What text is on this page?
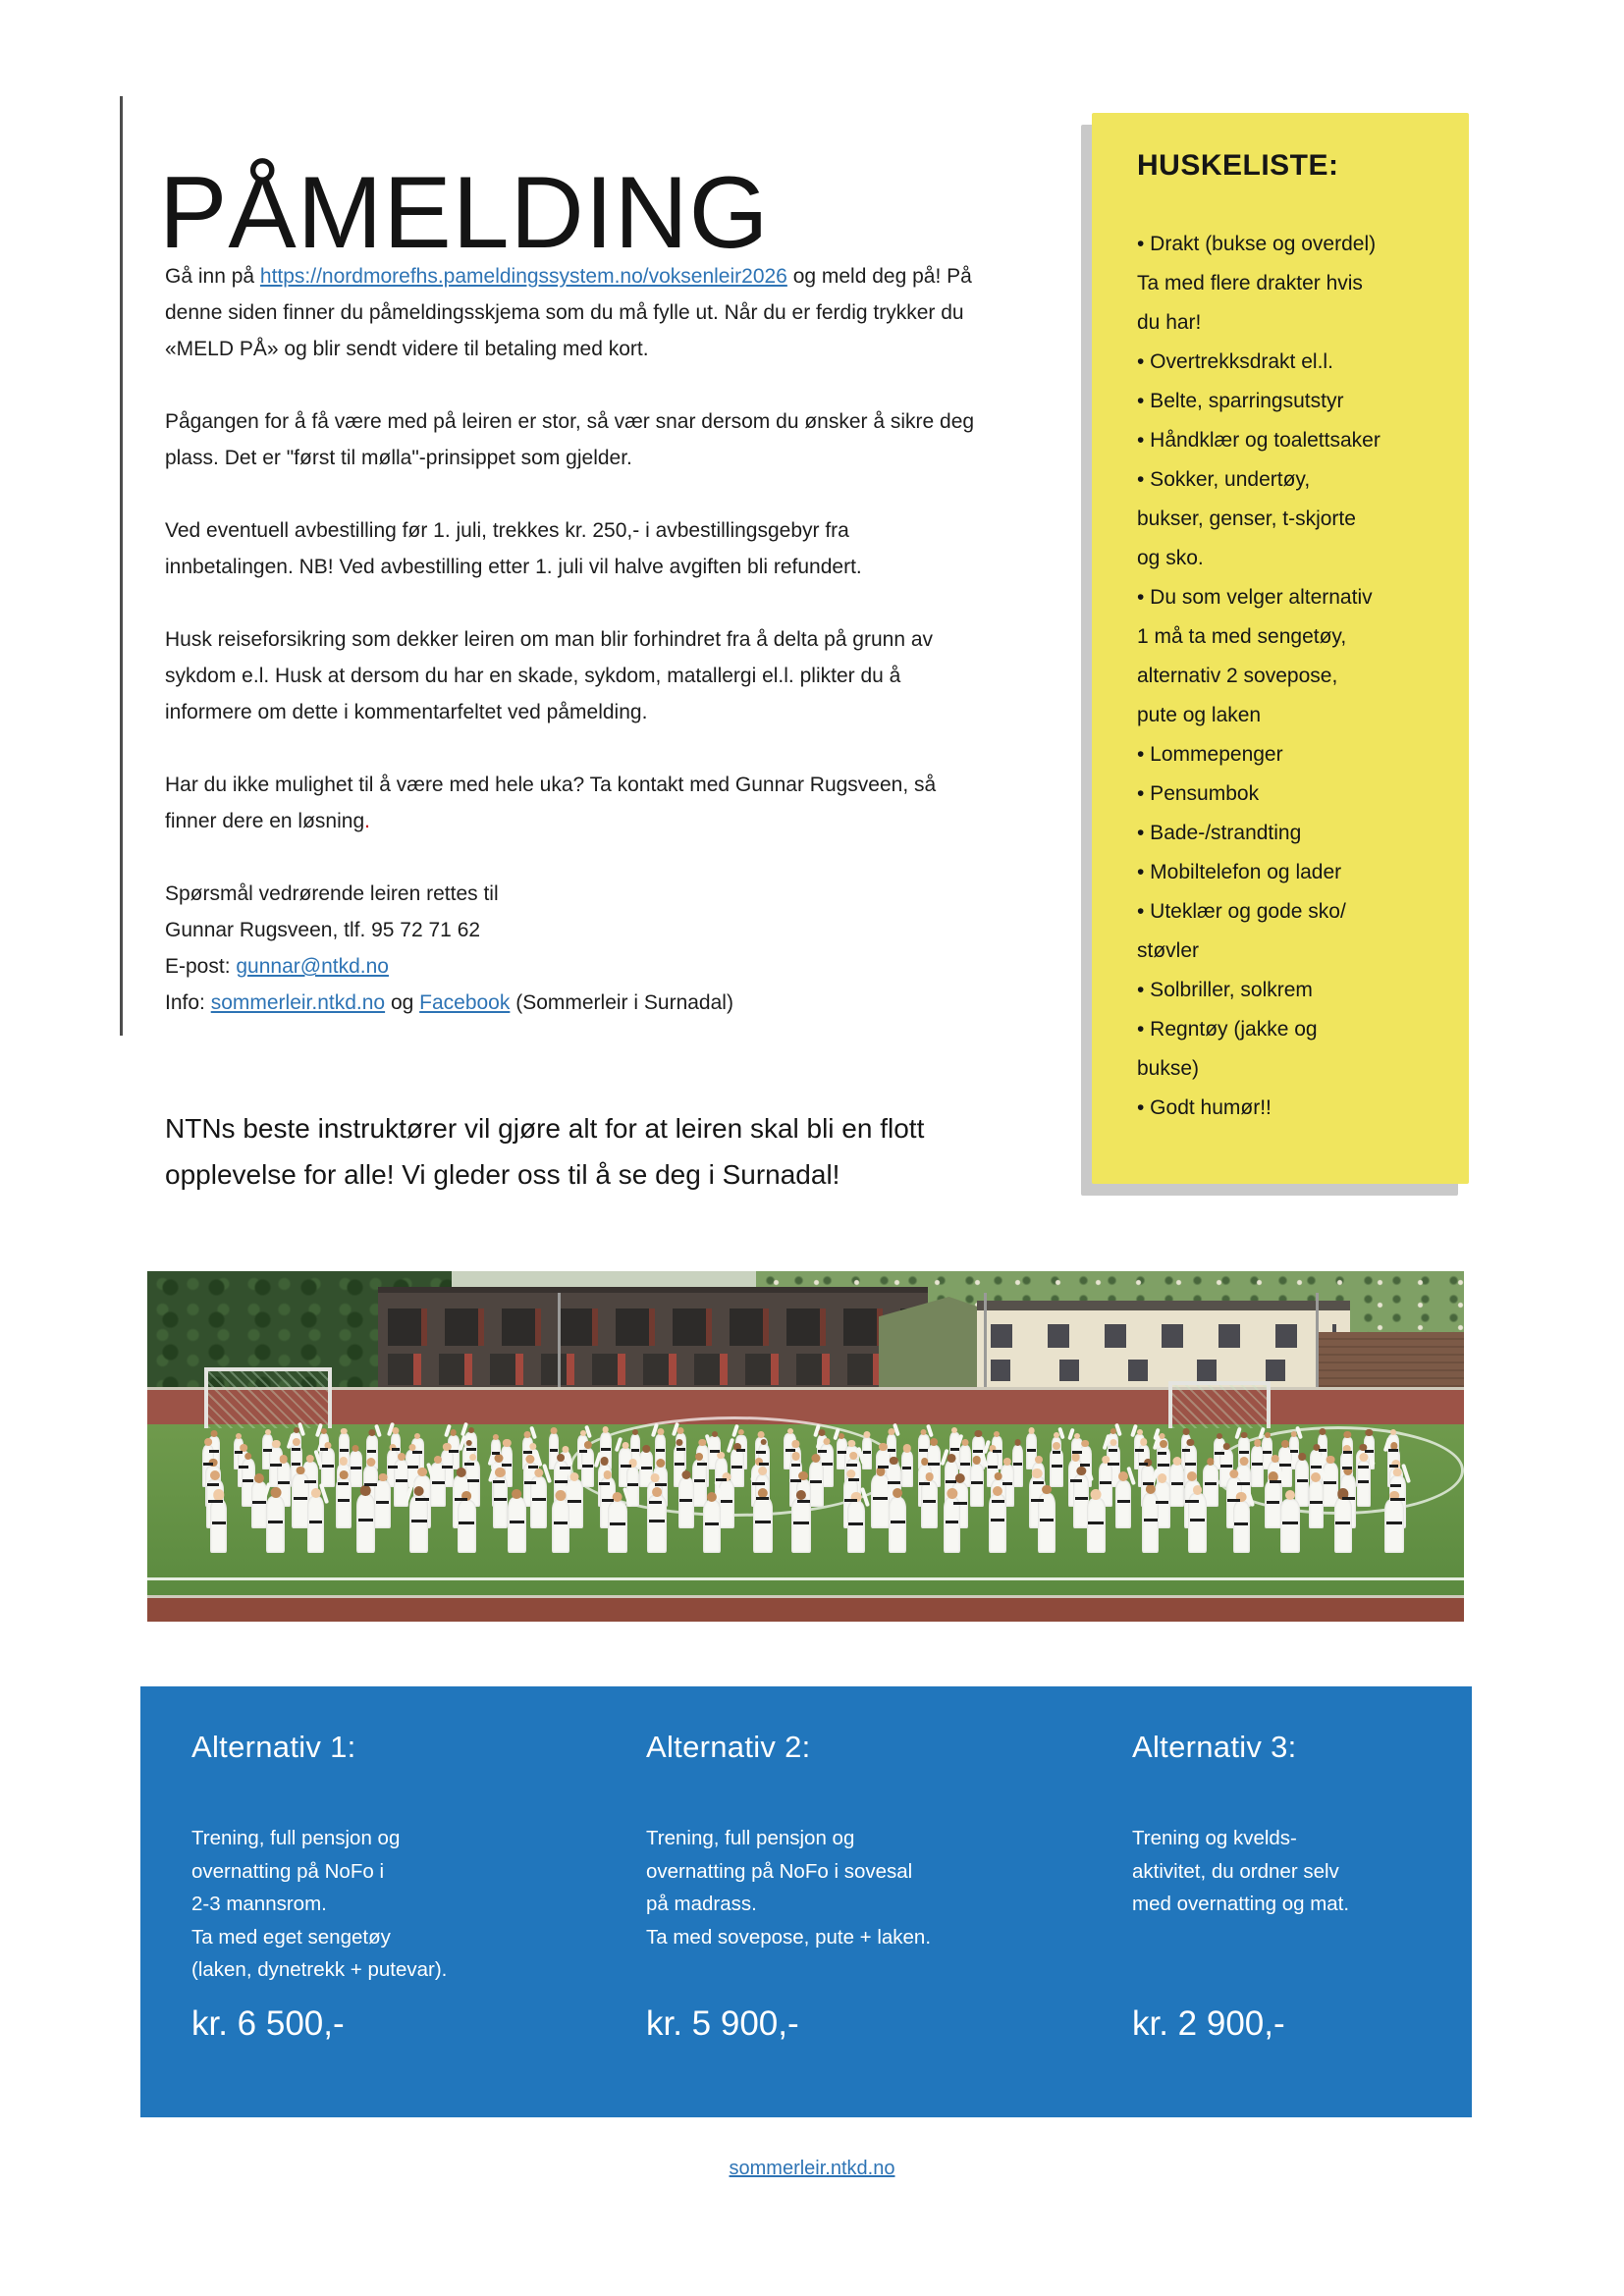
PÅMELDING

Gå inn på https://nordmorefhs.pameldingssystem.no/voksenleir2026 og meld deg på! På denne siden finner du påmeldingsskjema som du må fylle ut. Når du er ferdig trykker du «MELD PÅ» og blir sendt videre til betaling med kort.

Pågangen for å få være med på leiren er stor, så vær snar dersom du ønsker å sikre deg plass. Det er "først til mølla"-prinsippet som gjelder.

Ved eventuell avbestilling før 1. juli, trekkes kr. 250,- i avbestillingsgebyr fra innbetalingen. NB! Ved avbestilling etter 1. juli vil halve avgiften bli refundert.

Husk reiseforsikring som dekker leiren om man blir forhindret fra å delta på grunn av sykdom e.l. Husk at dersom du har en skade, sykdom, matallergi el.l. plikter du å informere om dette i kommentarfeltet ved påmelding.

Har du ikke mulighet til å være med hele uka? Ta kontakt med Gunnar Rugsveen, så finner dere en løsning.

Spørsmål vedrørende leiren rettes til
Gunnar Rugsveen, tlf. 95 72 71 62
E-post: gunnar@ntkd.no
Info: sommerleir.ntkd.no og Facebook (Sommerleir i Surnadal)

NTNs beste instruktører vil gjøre alt for at leiren skal bli en flott
opplevelse for alle! Vi gleder oss til å se deg i Surnadal!
HUSKELISTE:
• Drakt (bukse og overdel)
Ta med flere drakter hvis
du har!
• Overtrekksdrakt el.l.
• Belte, sparringsutstyr
• Håndklær og toalettsaker
• Sokker, undertøy,
bukser, genser, t-skjorte
og sko.
• Du som velger alternativ
1 må ta med sengetøy,
alternativ 2 sovepose,
pute og laken
• Lommepenger
• Pensumbok
• Bade-/strandting
• Mobiltelefon og lader
• Uteklær og gode sko/
støvler
• Solbriller, solkrem
• Regntøy (jakke og
bukse)
• Godt humør!!
Alternativ 1:
Trening, full pensjon og
overnatting på NoFo i
2-3 mannsrom.
Ta med eget sengetøy
(laken, dynetrekk + putevar).
kr. 6 500,-
Alternativ 2:
Trening, full pensjon og
overnatting på NoFo i sovesal
på madrass.
Ta med sovepose, pute + laken.
kr. 5 900,-
Alternativ 3:
Trening og kvelds-
aktivitet, du ordner selv
med overnatting og mat.
kr. 2 900,-
sommerleir.ntkd.no
